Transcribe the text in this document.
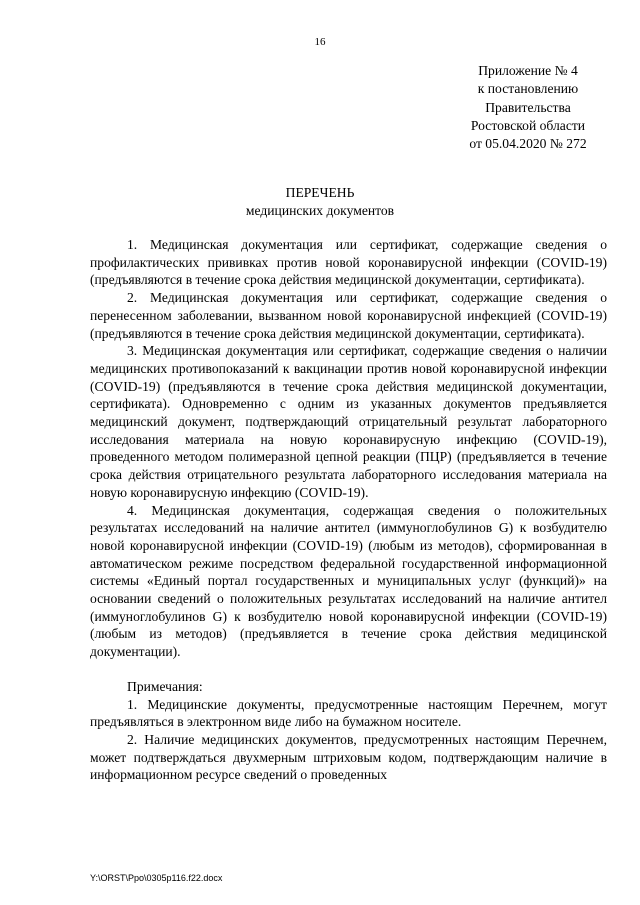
16
Приложение № 4
к постановлению
Правительства
Ростовской области
от 05.04.2020 № 272
ПЕРЕЧЕНЬ
медицинских документов

1. Медицинская документация или сертификат, содержащие сведения о профилактических прививках против новой коронавирусной инфекции (COVID-19) (предъявляются в течение срока действия медицинской документации, сертификата).

2. Медицинская документация или сертификат, содержащие сведения о перенесенном заболевании, вызванном новой коронавирусной инфекцией (COVID-19) (предъявляются в течение срока действия медицинской документации, сертификата).

3. Медицинская документация или сертификат, содержащие сведения о наличии медицинских противопоказаний к вакцинации против новой коронавирусной инфекции (COVID-19) (предъявляются в течение срока действия медицинской документации, сертификата). Одновременно с одним из указанных документов предъявляется медицинский документ, подтверждающий отрицательный результат лабораторного исследования материала на новую коронавирусную инфекцию (COVID-19), проведенного методом полимеразной цепной реакции (ПЦР) (предъявляется в течение срока действия отрицательного результата лабораторного исследования материала на новую коронавирусную инфекцию (COVID-19).

4. Медицинская документация, содержащая сведения о положительных результатах исследований на наличие антител (иммуноглобулинов G) к возбудителю новой коронавирусной инфекции (COVID-19) (любым из методов), сформированная в автоматическом режиме посредством федеральной государственной информационной системы «Единый портал государственных и муниципальных услуг (функций)» на основании сведений о положительных результатах исследований на наличие антител (иммуноглобулинов G) к возбудителю новой коронавирусной инфекции (COVID-19) (любым из методов) (предъявляется в течение срока действия медицинской документации).

Примечания:

1. Медицинские документы, предусмотренные настоящим Перечнем, могут предъявляться в электронном виде либо на бумажном носителе.

2. Наличие медицинских документов, предусмотренных настоящим Перечнем, может подтверждаться двухмерным штриховым кодом, подтверждающим наличие в информационном ресурсе сведений о проведенных

Y:\ORST\Ppo\0305p116.f22.docx
